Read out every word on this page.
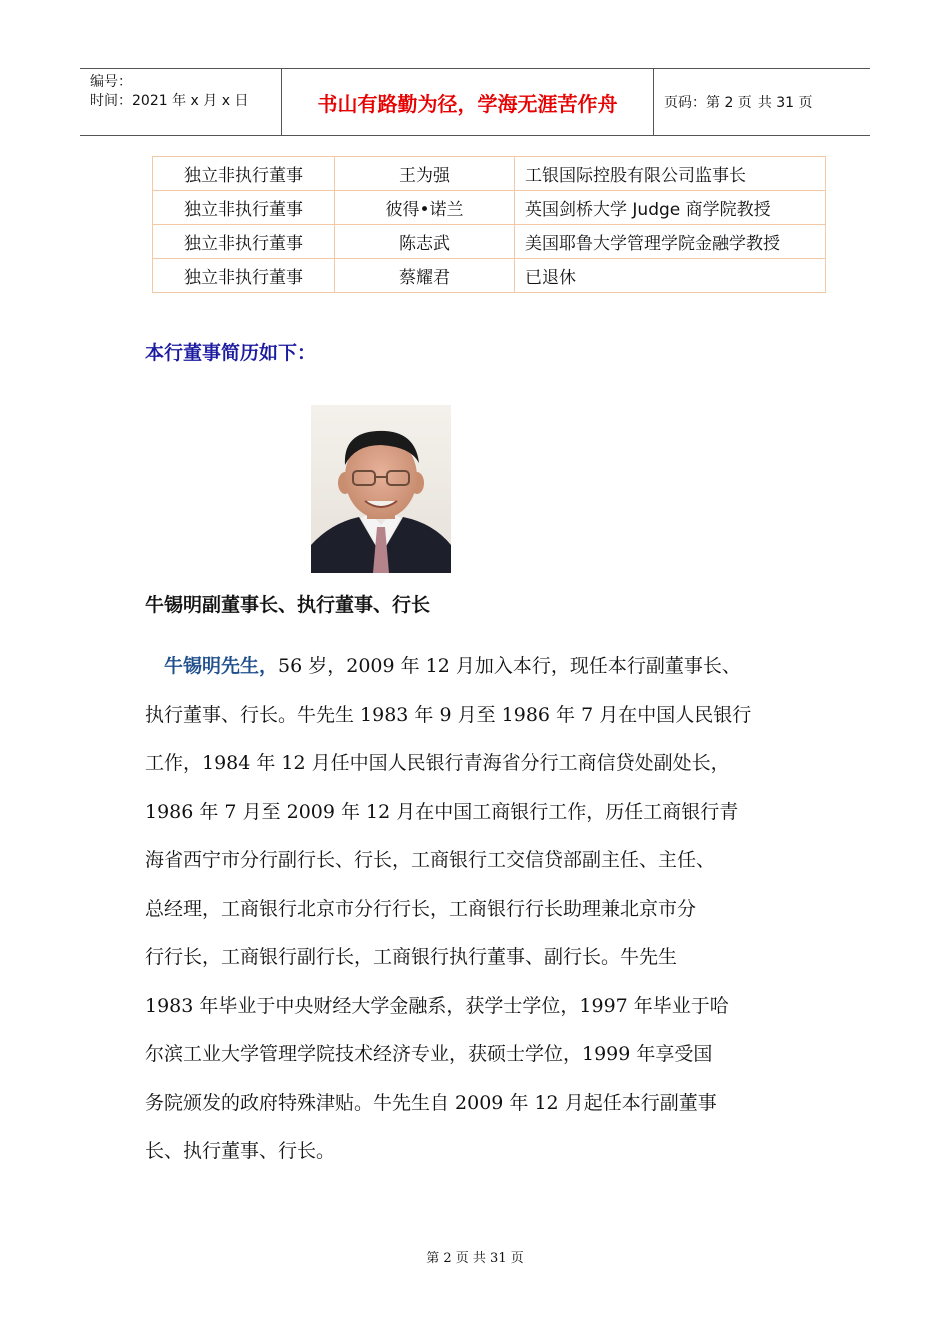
编号：
时间：2021 年 x 月 x 日	书山有路勤为径，学海无涯苦作舟	页码：第 2 页 共 31 页
独立非执行董事	王为强	工银国际控股有限公司监事长
独立非执行董事	彼得•诺兰	英国剑桥大学 Judge 商学院教授
独立非执行董事	陈志武	美国耶鲁大学管理学院金融学教授
独立非执行董事	蔡耀君	已退休
本行董事简历如下：
牛锡明副董事长、执行董事、行长
　牛锡明先生，56 岁，2009 年 12 月加入本行，现任本行副董事长、
执行董事、行长。牛先生 1983 年 9 月至 1986 年 7 月在中国人民银行
工作，1984 年 12 月任中国人民银行青海省分行工商信贷处副处长，
1986 年 7 月至 2009 年 12 月在中国工商银行工作，历任工商银行青
海省西宁市分行副行长、行长，工商银行工交信贷部副主任、主任、
总经理，工商银行北京市分行行长，工商银行行长助理兼北京市分
行行长，工商银行副行长，工商银行执行董事、副行长。牛先生
1983 年毕业于中央财经大学金融系，获学士学位，1997 年毕业于哈
尔滨工业大学管理学院技术经济专业，获硕士学位，1999 年享受国
务院颁发的政府特殊津贴。牛先生自 2009 年 12 月起任本行副董事
长、执行董事、行长。
第 2 页 共 31 页
